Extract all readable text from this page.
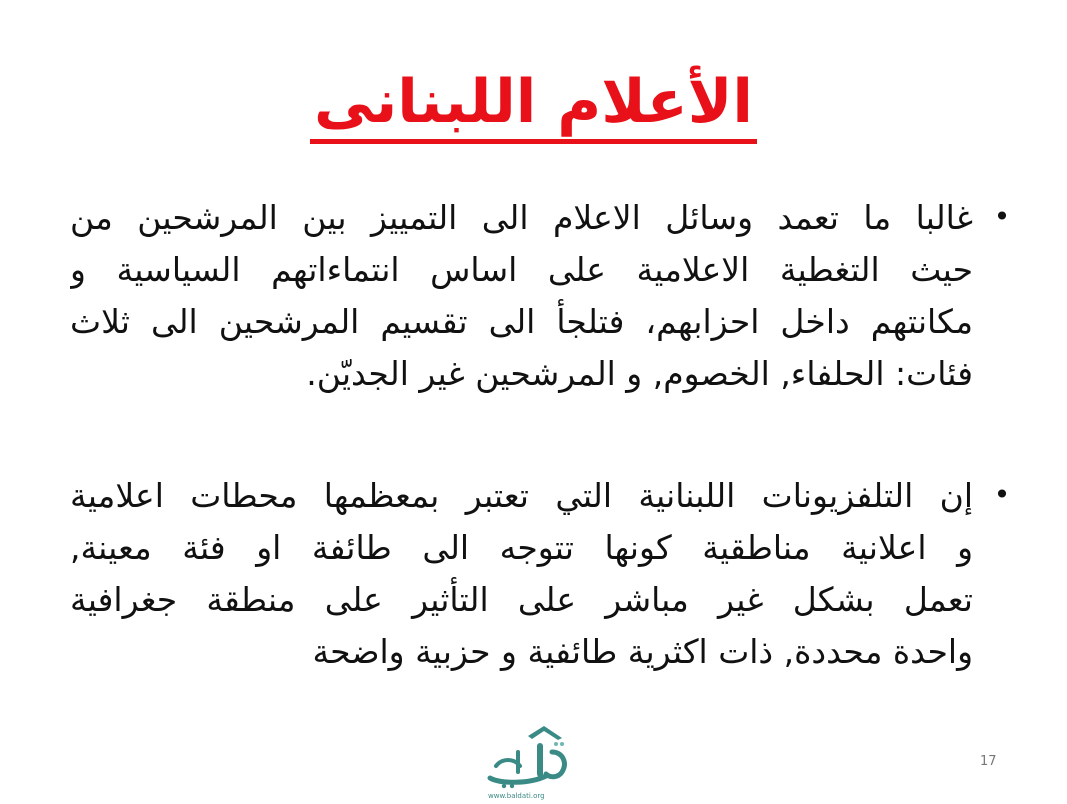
الأعلام اللبنانى
•
غالبا ما تعمد وسائل الاعلام الى التمييز بين المرشحين من
حيث التغطية الاعلامية على اساس انتماءاتهم السياسية و
مكانتهم داخل احزابهم، فتلجأ الى تقسيم المرشحين الى ثلاث
فئات: الحلفاء, الخصوم, و المرشحين غير الجديّن.
•
إن التلفزيونات اللبنانية التي تعتبر بمعظمها محطات اعلامية
و اعلانية مناطقية كونها تتوجه الى طائفة او فئة معينة,
تعمل بشكل غير مباشر على التأثير على منطقة جغرافية
واحدة محددة, ذات اكثرية طائفية و حزبية واضحة
www.baldati.org
17
